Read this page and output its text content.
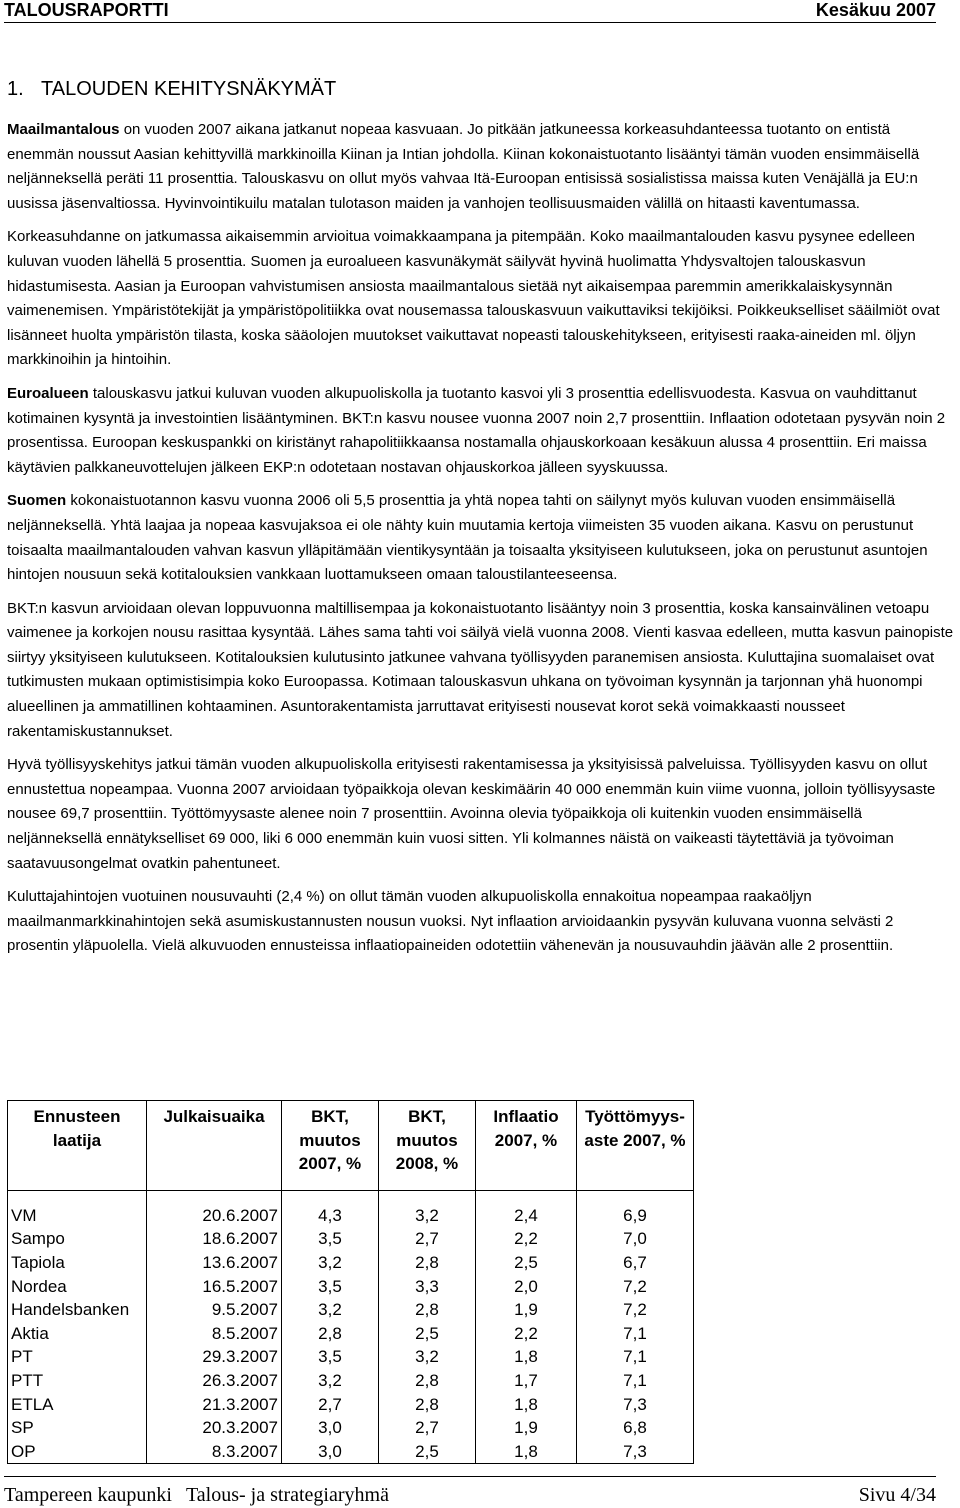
TALOUSRAPORTTI	Kesäkuu 2007
1. TALOUDEN KEHITYSNÄKYMÄT

Maailmantalous on vuoden 2007 aikana jatkanut nopeaa kasvuaan. Jo pitkään jatkuneessa korkeasuhdanteessa tuotanto on entistä enemmän noussut Aasian kehittyvillä markkinoilla Kiinan ja Intian johdolla. Kiinan kokonaistuotanto lisääntyi tämän vuoden ensimmäisellä neljänneksellä peräti 11 prosenttia. Talouskasvu on ollut myös vahvaa Itä-Euroopan entisissä sosialistissa maissa kuten Venäjällä ja EU:n uusissa jäsenvaltiossa. Hyvinvointikuilu matalan tulotason maiden ja vanhojen teollisuusmaiden välillä on hitaasti kaventumassa.

Korkeasuhdanne on jatkumassa aikaisemmin arvioitua voimakkaampana ja pitempään. Koko maailmantalouden kasvu pysynee edelleen kuluvan vuoden lähellä 5 prosenttia. Suomen ja euroalueen kasvunäkymät säilyvät hyvinä huolimatta Yhdysvaltojen talouskasvun hidastumisesta. Aasian ja Euroopan vahvistumisen ansiosta maailmantalous sietää nyt aikaisempaa paremmin amerikkalaiskysynnän vaimenemisen. Ympäristötekijät ja ympäristöpolitiikka ovat nousemassa talouskasvuun vaikuttaviksi tekijöiksi. Poikkeukselliset sääilmiöt ovat lisänneet huolta ympäristön tilasta, koska sääolojen muutokset vaikuttavat nopeasti talouskehitykseen, erityisesti raaka-aineiden ml. öljyn markkinoihin ja hintoihin.

Euroalueen talouskasvu jatkui kuluvan vuoden alkupuoliskolla ja tuotanto kasvoi yli 3 prosenttia edellisvuodesta. Kasvua on vauhdittanut kotimainen kysyntä ja investointien lisääntyminen. BKT:n kasvu nousee vuonna 2007 noin 2,7 prosenttiin. Inflaation odotetaan pysyvän noin 2 prosentissa. Euroopan keskuspankki on kiristänyt rahapolitiikkaansa nostamalla ohjauskorkoaan kesäkuun alussa 4 prosenttiin. Eri maissa käytävien palkkaneuvottelujen jälkeen EKP:n odotetaan nostavan ohjauskorkoa jälleen syyskuussa.

Suomen kokonaistuotannon kasvu vuonna 2006 oli 5,5 prosenttia ja yhtä nopea tahti on säilynyt myös kuluvan vuoden ensimmäisellä neljänneksellä. Yhtä laajaa ja nopeaa kasvujaksoa ei ole nähty kuin muutamia kertoja viimeisten 35 vuoden aikana. Kasvu on perustunut toisaalta maailmantalouden vahvan kasvun ylläpitämään vientikysyntään ja toisaalta yksityiseen kulutukseen, joka on perustunut asuntojen hintojen nousuun sekä kotitalouksien vankkaan luottamukseen omaan taloustilanteeseensa.

BKT:n kasvun arvioidaan olevan loppuvuonna maltillisempaa ja kokonaistuotanto lisääntyy noin 3 prosenttia, koska kansainvälinen vetoapu vaimenee ja korkojen nousu rasittaa kysyntää. Lähes sama tahti voi säilyä vielä vuonna 2008. Vienti kasvaa edelleen, mutta kasvun painopiste siirtyy yksityiseen kulutukseen. Kotitalouksien kulutusinto jatkunee vahvana työllisyyden paranemisen ansiosta. Kuluttajina suomalaiset ovat tutkimusten mukaan optimistisimpia koko Euroopassa. Kotimaan talouskasvun uhkana on työvoiman kysynnän ja tarjonnan yhä huonompi alueellinen ja ammatillinen kohtaaminen. Asuntorakentamista jarruttavat erityisesti nousevat korot sekä voimakkaasti nousseet rakentamiskustannukset.

Hyvä työllisyyskehitys jatkui tämän vuoden alkupuoliskolla erityisesti rakentamisessa ja yksityisissä palveluissa. Työllisyyden kasvu on ollut ennustettua nopeampaa. Vuonna 2007 arvioidaan työpaikkoja olevan keskimäärin 40 000 enemmän kuin viime vuonna, jolloin työllisyysaste nousee 69,7 prosenttiin. Työttömyysaste alenee noin 7 prosenttiin. Avoinna olevia työpaikkoja oli kuitenkin vuoden ensimmäisellä neljänneksellä ennätykselliset 69 000, liki 6 000 enemmän kuin vuosi sitten. Yli kolmannes näistä on vaikeasti täytettäviä ja työvoiman saatavuusongelmat ovatkin pahentuneet.

Kuluttajahintojen vuotuinen nousuvauhti (2,4 %) on ollut tämän vuoden alkupuoliskolla ennakoitua nopeampaa raakaöljyn maailmanmarkkinahintojen sekä asumiskustannusten nousun vuoksi. Nyt inflaation arvioidaankin pysyvän kuluvana vuonna selvästi 2 prosentin yläpuolella. Vielä alkuvuoden ennusteissa inflaatiopaineiden odotettiin vähenevän ja nousuvauhdin jäävän alle 2 prosenttiin.

Ennusteen laatija	Julkaisuaika	BKT, muutos 2007, %	BKT, muutos 2008, %	Inflaatio 2007, %	Työttömyys-aste 2007, %
VM	20.6.2007	4,3	3,2	2,4	6,9
Sampo	18.6.2007	3,5	2,7	2,2	7,0
Tapiola	13.6.2007	3,2	2,8	2,5	6,7
Nordea	16.5.2007	3,5	3,3	2,0	7,2
Handelsbanken	9.5.2007	3,2	2,8	1,9	7,2
Aktia	8.5.2007	2,8	2,5	2,2	7,1
PT	29.3.2007	3,5	3,2	1,8	7,1
PTT	26.3.2007	3,2	2,8	1,7	7,1
ETLA	21.3.2007	2,7	2,8	1,8	7,3
SP	20.3.2007	3,0	2,7	1,9	6,8
OP	8.3.2007	3,0	2,5	1,8	7,3
Tampereen kaupunki Talous- ja strategiaryhmä	Sivu 4/34
